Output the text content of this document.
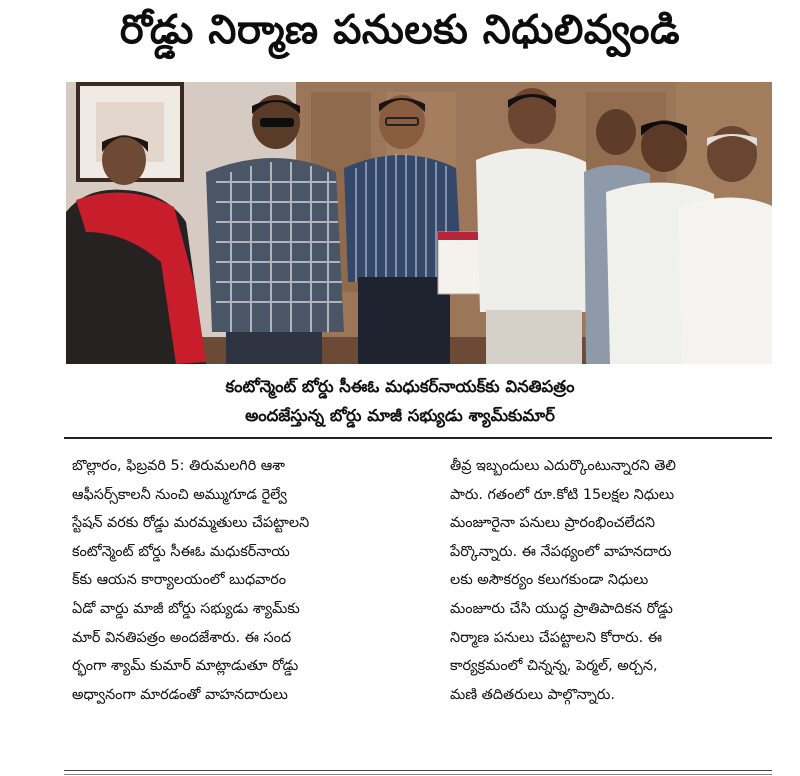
రోడ్డు నిర్మాణ పనులకు నిధులివ్వండి
కంటోన్మెంట్ బోర్డు సీఈఓ మధుకర్‌నాయక్‌కు వినతిపత్రం
అందజేస్తున్న బోర్డు మాజీ సభ్యుడు శ్యామ్‌కుమార్
బొల్లారం, ఫిబ్రవరి 5: తిరుమలగిరి ఆశా
ఆఫీసర్స్‌కాలనీ నుంచి అమ్ముగూడ రైల్వే
స్టేషన్ వరకు రోడ్డు మరమ్మతులు చేపట్టాలని
కంటోన్మెంట్ బోర్డు సీఈఓ మధుకర్‌నాయ
క్‌కు ఆయన కార్యాలయంలో బుధవారం
ఏడో వార్డు మాజీ బోర్డు సభ్యుడు శ్యామ్‌కు
మార్ వినతిపత్రం అందజేశారు. ఈ సంద
ర్భంగా శ్యామ్ కుమార్ మాట్లాడుతూ రోడ్డు
అధ్వానంగా మారడంతో వాహనదారులు
తీవ్ర ఇబ్బందులు ఎదుర్కొంటున్నారని తెలి
పారు. గతంలో రూ.కోటి 15లక్షల నిధులు
మంజూరైనా పనులు ప్రారంభించలేదని
పేర్కొన్నారు. ఈ నేపథ్యంలో వాహనదారు
లకు అసౌకర్యం కలుగకుండా నిధులు
మంజూరు చేసి యుద్ధ ప్రాతిపాదికన రోడ్డు
నిర్మాణ పనులు చేపట్టాలని కోరారు. ఈ
కార్యక్రమంలో చిన్నన్న, పెర్మల్, అర్చన,
మణి తదితరులు పాల్గొన్నారు.
